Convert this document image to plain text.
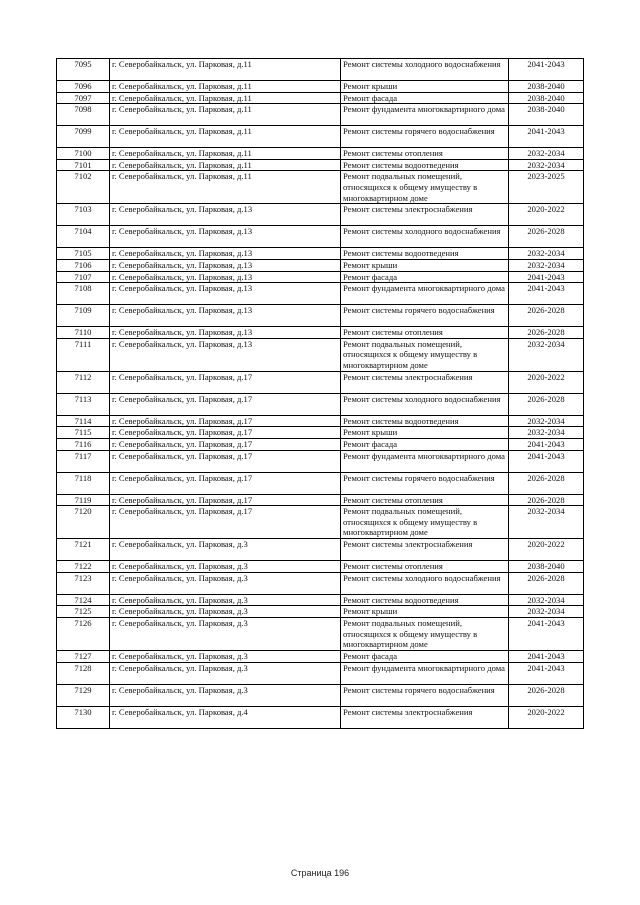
7095	г. Северобайкальск, ул. Парковая, д.11	Ремонт системы холодного водоснабжения	2041-2043
7096	г. Северобайкальск, ул. Парковая, д.11	Ремонт крыши	2038-2040
7097	г. Северобайкальск, ул. Парковая, д.11	Ремонт фасада	2038-2040
7098	г. Северобайкальск, ул. Парковая, д.11	Ремонт фундамента многоквартирного дома	2038-2040
7099	г. Северобайкальск, ул. Парковая, д.11	Ремонт системы горячего водоснабжения	2041-2043
7100	г. Северобайкальск, ул. Парковая, д.11	Ремонт системы отопления	2032-2034
7101	г. Северобайкальск, ул. Парковая, д.11	Ремонт системы водоотведения	2032-2034
7102	г. Северобайкальск, ул. Парковая, д.11	Ремонт подвальных помещений, относящихся к общему имуществу в многоквартирном доме	2023-2025
7103	г. Северобайкальск, ул. Парковая, д.13	Ремонт системы электроснабжения	2020-2022
7104	г. Северобайкальск, ул. Парковая, д.13	Ремонт системы холодного водоснабжения	2026-2028
7105	г. Северобайкальск, ул. Парковая, д.13	Ремонт системы водоотведения	2032-2034
7106	г. Северобайкальск, ул. Парковая, д.13	Ремонт крыши	2032-2034
7107	г. Северобайкальск, ул. Парковая, д.13	Ремонт фасада	2041-2043
7108	г. Северобайкальск, ул. Парковая, д.13	Ремонт фундамента многоквартирного дома	2041-2043
7109	г. Северобайкальск, ул. Парковая, д.13	Ремонт системы горячего водоснабжения	2026-2028
7110	г. Северобайкальск, ул. Парковая, д.13	Ремонт системы отопления	2026-2028
7111	г. Северобайкальск, ул. Парковая, д.13	Ремонт подвальных помещений, относящихся к общему имуществу в многоквартирном доме	2032-2034
7112	г. Северобайкальск, ул. Парковая, д.17	Ремонт системы электроснабжения	2020-2022
7113	г. Северобайкальск, ул. Парковая, д.17	Ремонт системы холодного водоснабжения	2026-2028
7114	г. Северобайкальск, ул. Парковая, д.17	Ремонт системы водоотведения	2032-2034
7115	г. Северобайкальск, ул. Парковая, д.17	Ремонт крыши	2032-2034
7116	г. Северобайкальск, ул. Парковая, д.17	Ремонт фасада	2041-2043
7117	г. Северобайкальск, ул. Парковая, д.17	Ремонт фундамента многоквартирного дома	2041-2043
7118	г. Северобайкальск, ул. Парковая, д.17	Ремонт системы горячего водоснабжения	2026-2028
7119	г. Северобайкальск, ул. Парковая, д.17	Ремонт системы отопления	2026-2028
7120	г. Северобайкальск, ул. Парковая, д.17	Ремонт подвальных помещений, относящихся к общему имуществу в многоквартирном доме	2032-2034
7121	г. Северобайкальск, ул. Парковая, д.3	Ремонт системы электроснабжения	2020-2022
7122	г. Северобайкальск, ул. Парковая, д.3	Ремонт системы отопления	2038-2040
7123	г. Северобайкальск, ул. Парковая, д.3	Ремонт системы холодного водоснабжения	2026-2028
7124	г. Северобайкальск, ул. Парковая, д.3	Ремонт системы водоотведения	2032-2034
7125	г. Северобайкальск, ул. Парковая, д.3	Ремонт крыши	2032-2034
7126	г. Северобайкальск, ул. Парковая, д.3	Ремонт подвальных помещений, относящихся к общему имуществу в многоквартирном доме	2041-2043
7127	г. Северобайкальск, ул. Парковая, д.3	Ремонт фасада	2041-2043
7128	г. Северобайкальск, ул. Парковая, д.3	Ремонт фундамента многоквартирного дома	2041-2043
7129	г. Северобайкальск, ул. Парковая, д.3	Ремонт системы горячего водоснабжения	2026-2028
7130	г. Северобайкальск, ул. Парковая, д.4	Ремонт системы электроснабжения	2020-2022
Страница 196
